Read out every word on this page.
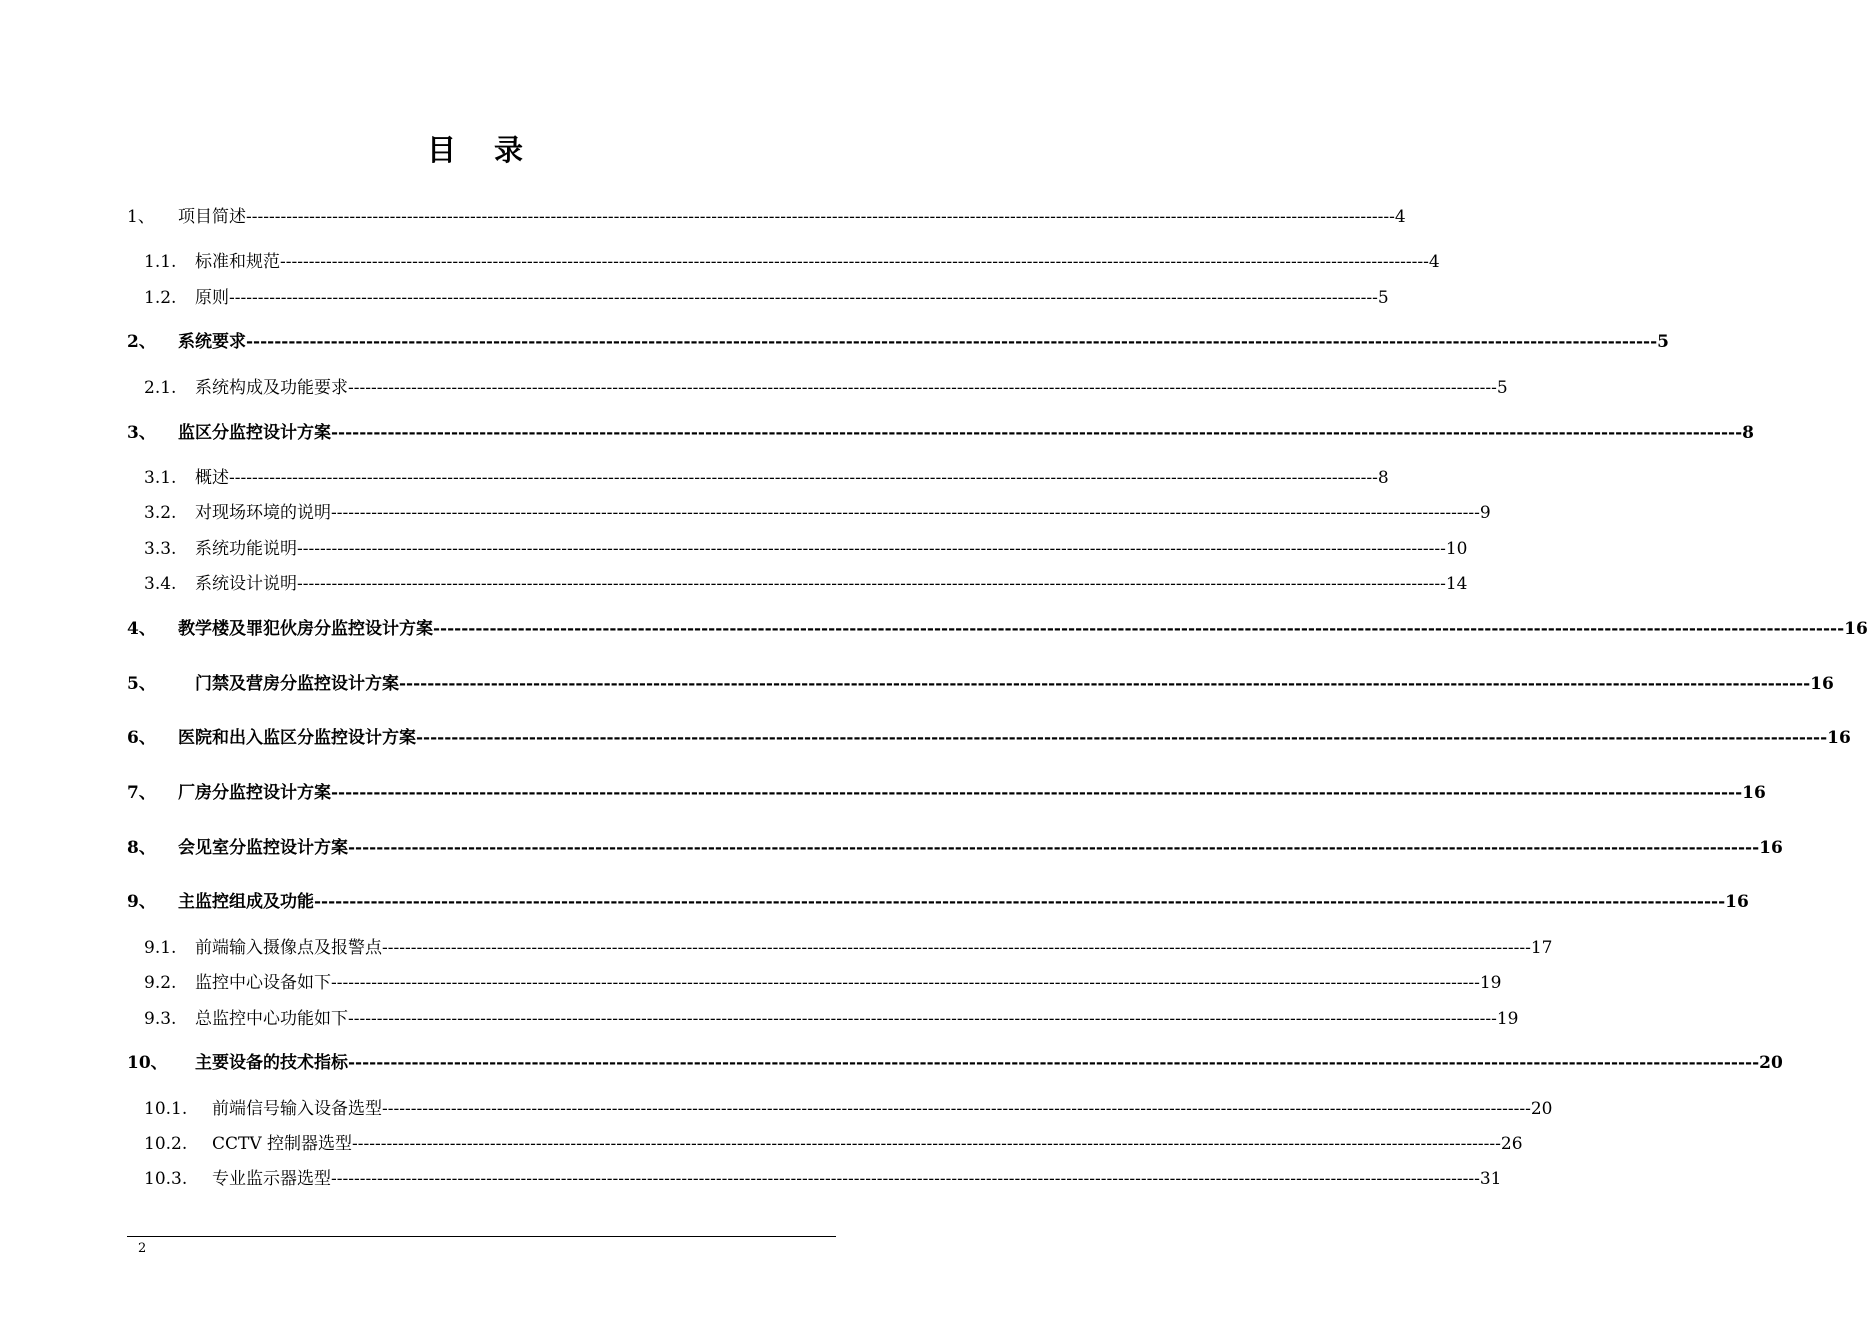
目 录
1、	项目简述 -------------------------------------------------------------------------------------------------------------------------------------------------------------------------------------------------------- 4
1.1.	标准和规范 -------------------------------------------------------------------------------------------------------------------------------------------------------------------------------------------------------- 4
1.2.	原则 -------------------------------------------------------------------------------------------------------------------------------------------------------------------------------------------------------- 5
2、	系统要求 -------------------------------------------------------------------------------------------------------------------------------------------------------------------------------------------------------- 5
2.1.	系统构成及功能要求 -------------------------------------------------------------------------------------------------------------------------------------------------------------------------------------------------------- 5
3、	监区分监控设计方案 -------------------------------------------------------------------------------------------------------------------------------------------------------------------------------------------------------- 8
3.1.	概述 -------------------------------------------------------------------------------------------------------------------------------------------------------------------------------------------------------- 8
3.2.	对现场环境的说明 -------------------------------------------------------------------------------------------------------------------------------------------------------------------------------------------------------- 9
3.3.	系统功能说明 -------------------------------------------------------------------------------------------------------------------------------------------------------------------------------------------------------- 10
3.4.	系统设计说明 -------------------------------------------------------------------------------------------------------------------------------------------------------------------------------------------------------- 14
4、	教学楼及罪犯伙房分监控设计方案 -------------------------------------------------------------------------------------------------------------------------------------------------------------------------------------------------------- 16
5、	门禁及营房分监控设计方案 -------------------------------------------------------------------------------------------------------------------------------------------------------------------------------------------------------- 16
6、	医院和出入监区分监控设计方案 -------------------------------------------------------------------------------------------------------------------------------------------------------------------------------------------------------- 16
7、	厂房分监控设计方案 -------------------------------------------------------------------------------------------------------------------------------------------------------------------------------------------------------- 16
8、	会见室分监控设计方案 -------------------------------------------------------------------------------------------------------------------------------------------------------------------------------------------------------- 16
9、	主监控组成及功能 -------------------------------------------------------------------------------------------------------------------------------------------------------------------------------------------------------- 16
9.1.	前端输入摄像点及报警点 -------------------------------------------------------------------------------------------------------------------------------------------------------------------------------------------------------- 17
9.2.	监控中心设备如下 -------------------------------------------------------------------------------------------------------------------------------------------------------------------------------------------------------- 19
9.3.	总监控中心功能如下 -------------------------------------------------------------------------------------------------------------------------------------------------------------------------------------------------------- 19
10、	主要设备的技术指标 -------------------------------------------------------------------------------------------------------------------------------------------------------------------------------------------------------- 20
10.1.	前端信号输入设备选型 -------------------------------------------------------------------------------------------------------------------------------------------------------------------------------------------------------- 20
10.2.	CCTV 控制器选型 -------------------------------------------------------------------------------------------------------------------------------------------------------------------------------------------------------- 26
10.3.	专业监示器选型 -------------------------------------------------------------------------------------------------------------------------------------------------------------------------------------------------------- 31
2
